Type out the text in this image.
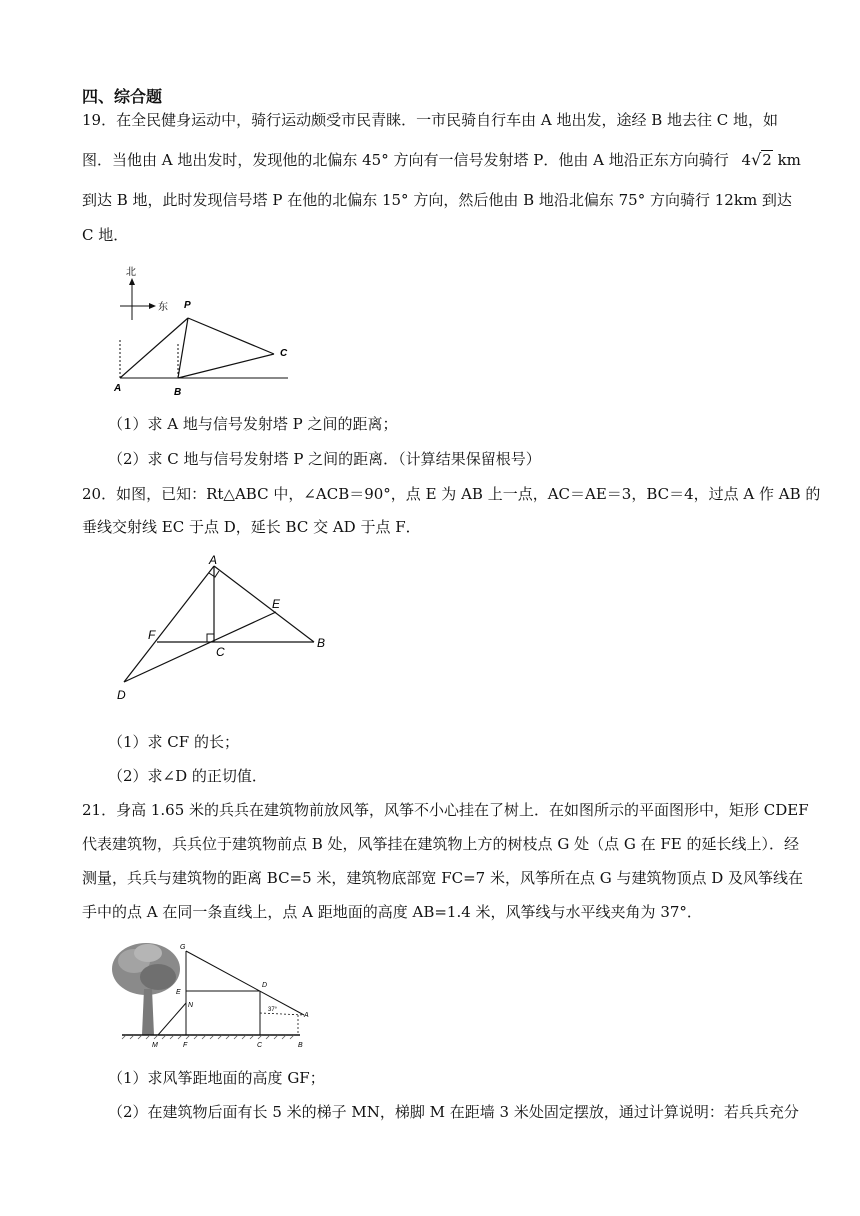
四、综合题
19．在全民健身运动中，骑行运动颇受市民青睐．一市民骑自行车由 A 地出发，途经 B 地去往 C 地，如
图．当他由 A 地出发时，发现他的北偏东 45° 方向有一信号发射塔 P．他由 A 地沿正东方向骑行 4√2 km
到达 B 地，此时发现信号塔 P 在他的北偏东 15° 方向，然后他由 B 地沿北偏东 75° 方向骑行 12km 到达
C 地．
北
东 P
A	B
C
（1）求 A 地与信号发射塔 P 之间的距离；
（2）求 C 地与信号发射塔 P 之间的距离．（计算结果保留根号）
20．如图，已知：Rt△ABC 中，∠ACB＝90°，点 E 为 AB 上一点，AC＝AE＝3，BC＝4，过点 A 作 AB 的
垂线交射线 EC 于点 D，延长 BC 交 AD 于点 F．
A
E
F
C
B
D
（1）求 CF 的长；
（2）求∠D 的正切值．
21．身高 1.65 米的兵兵在建筑物前放风筝，风筝不小心挂在了树上．在如图所示的平面图形中，矩形 CDEF
代表建筑物，兵兵位于建筑物前点 B 处，风筝挂在建筑物上方的树枝点 G 处（点 G 在 FE 的延长线上）．经
测量，兵兵与建筑物的距离 BC=5 米，建筑物底部宽 FC=7 米，风筝所在点 G 与建筑物顶点 D 及风筝线在
手中的点 A 在同一条直线上，点 A 距地面的高度 AB=1.4 米，风筝线与水平线夹角为 37°．
G
E
N
M	F	C	B
D
A
37°
（1）求风筝距地面的高度 GF；
（2）在建筑物后面有长 5 米的梯子 MN，梯脚 M 在距墙 3 米处固定摆放，通过计算说明：若兵兵充分
